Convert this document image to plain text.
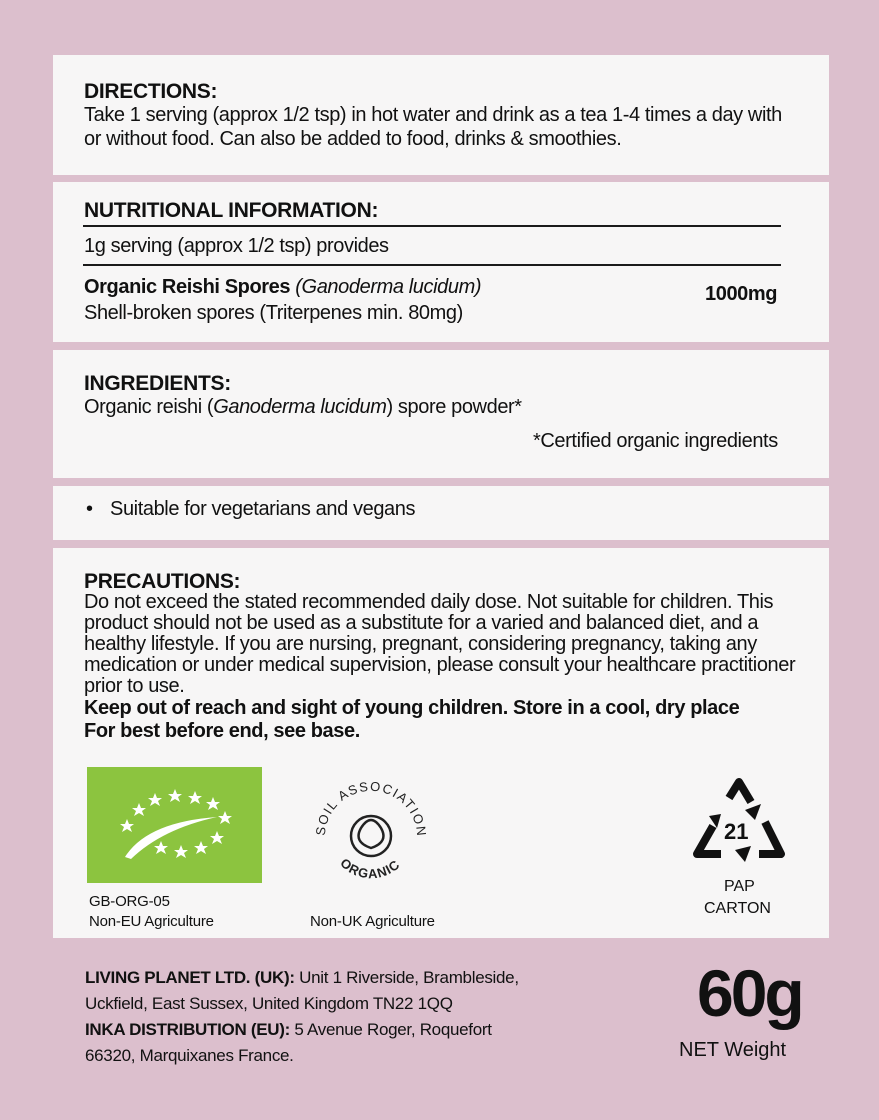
DIRECTIONS:
Take 1 serving (approx 1/2 tsp) in hot water and drink as a tea 1-4 times a day with or without food. Can also be added to food, drinks & smoothies.
NUTRITIONAL INFORMATION:
1g serving (approx 1/2 tsp) provides
Organic Reishi Spores (Ganoderma lucidum)	1000mg
Shell-broken spores (Triterpenes min. 80mg)
INGREDIENTS:
Organic reishi (Ganoderma lucidum) spore powder*
*Certified organic ingredients
• Suitable for vegetarians and vegans
PRECAUTIONS:
Do not exceed the stated recommended daily dose. Not suitable for children. This product should not be used as a substitute for a varied and balanced diet, and a healthy lifestyle. If you are nursing, pregnant, considering pregnancy, taking any medication or under medical supervision, please consult your healthcare practitioner prior to use.
Keep out of reach and sight of young children. Store in a cool, dry place
For best before end, see base.
GB-ORG-05
Non-EU Agriculture
SOIL ASSOCIATION
ORGANIC
Non-UK Agriculture
21
PAP
CARTON
LIVING PLANET LTD. (UK): Unit 1 Riverside, Brambleside,
Uckfield, East Sussex, United Kingdom TN22 1QQ
INKA DISTRIBUTION (EU): 5 Avenue Roger, Roquefort
66320, Marquixanes France.
60g
NET Weight
